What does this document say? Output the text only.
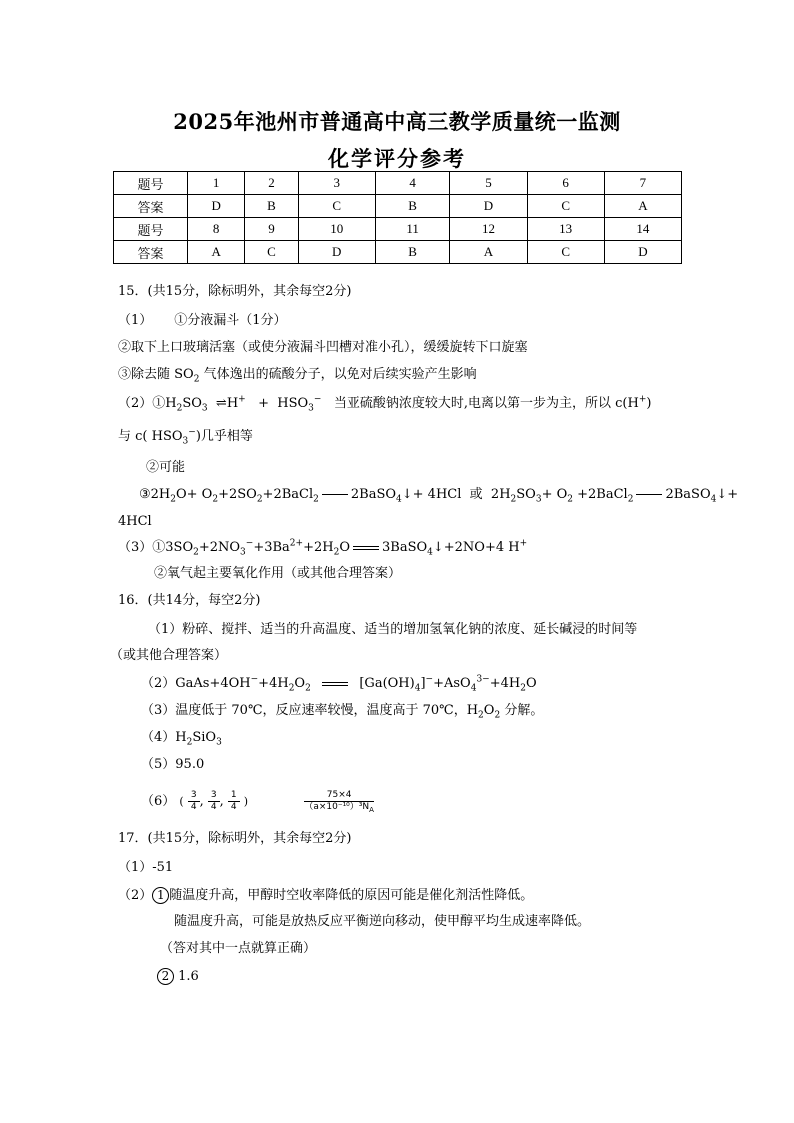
2025年池州市普通高中高三教学质量统一监测
化学评分参考
题号	1	2	3	4	5	6	7
答案	D	B	C	B	D	C	A
题号	8	9	10	11	12	13	14
答案	A	C	D	B	A	C	D
15．(共15分，除标明外，其余每空2分)
（1） ①分液漏斗（1分）
②取下上口玻璃活塞（或使分液漏斗凹槽对准小孔），缓缓旋转下口旋塞
③除去随 $SO_2$ 气体逸出的硫酸分子，以免对后续实验产生影响
$(2)①H_2SO_3$  ⇌H+   +  $HSO_3^-$ 当亚硫酸钠浓度较大时,电离以第一步为主，所以 c(H+)
与 c( $HSO_3^-$)几乎相等
②可能
$③2H_2O+$ $O_2+2SO_2+2BaCl_2$ 2BaSO$_4$↓+ 4HCl  或  $2H_2SO_3+ O_2$ +2BaCl$_2$ 2BaSO$_4$↓+
4HCl
$(3)①3SO_2+2NO_3^-+3Ba^{2+}+2H_2O$ 3BaSO$_4$↓+2NO+4 H+
②氧气起主要氧化作用（或其他合理答案）
16．(共14分，每空2分)
（1）粉碎、搅拌、适当的升高温度、适当的增加氢氧化钠的浓度、延长碱浸的时间等
（或其他合理答案）
$(2)GaAs+4OH^-+4H_2O_2$	$[Ga(OH)_4]^-+AsO_4^{3-}+4H_2O$
（3）温度低于 70℃，反应速率较慢，温度高于 70℃，$H_2O_2$ 分解。
$(4)H_2SiO_3$
（5）95.0
（6） ( $\frac{3}{4}$ , $\frac{3}{4}$ , $\frac{1}{4}$ )	$\frac{75\times 4}{(a\times 10^{-10})^3N_A}$
17．(共15分，除标明外，其余每空2分)
（1）-51
（2） 1 随温度升高，甲醇时空收率降低的原因可能是催化剂活性降低。
随温度升高，可能是放热反应平衡逆向移动，使甲醇平均生成速率降低。
（答对其中一点就算正确）
2 1.6
